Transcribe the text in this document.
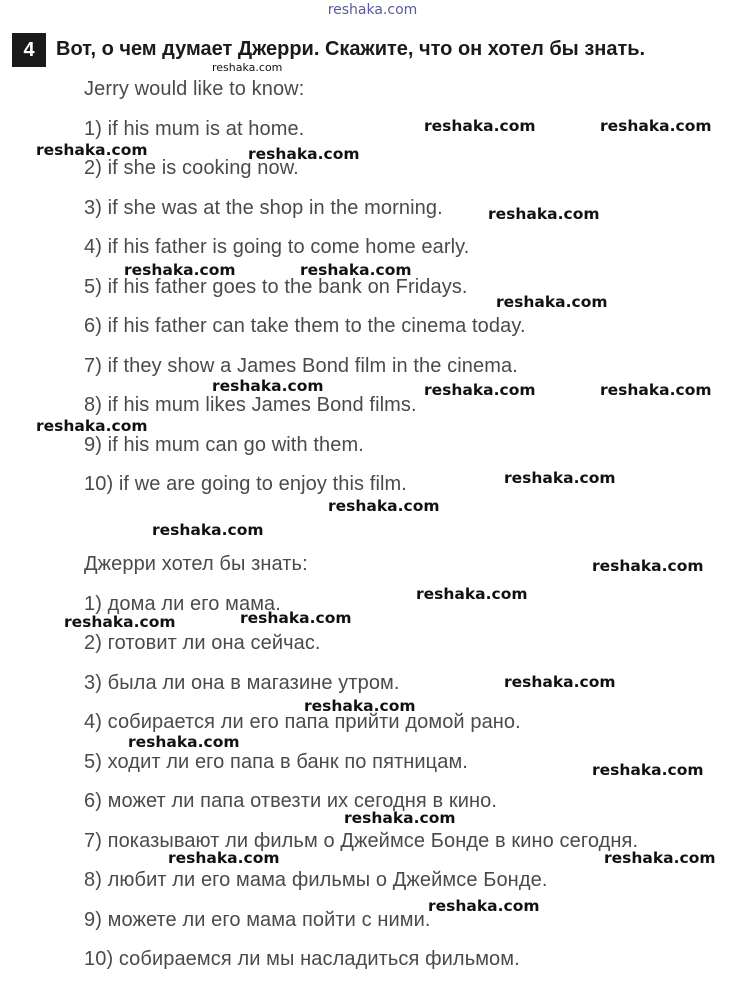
reshaka.com
4	Вот, о чем думает Джерри. Скажите, что он хотел бы знать.
Jerry would like to know:
1) if his mum is at home.
2) if she is cooking now.
3) if she was at the shop in the morning.
4) if his father is going to come home early.
5) if his father goes to the bank on Fridays.
6) if his father can take them to the cinema today.
7) if they show a James Bond film in the cinema.
8) if his mum likes James Bond films.
9) if his mum can go with them.
10) if we are going to enjoy this film.
Джерри хотел бы знать:
1) дома ли его мама.
2) готовит ли она сейчас.
3) была ли она в магазине утром.
4) собирается ли его папа прийти домой рано.
5) ходит ли его папа в банк по пятницам.
6) может ли папа отвезти их сегодня в кино.
7) показывают ли фильм о Джеймсе Бонде в кино сегодня.
8) любит ли его мама фильмы о Джеймсе Бонде.
9) можете ли его мама пойти с ними.
10) собираемся ли мы насладиться фильмом.
reshaka.com
reshaka.com	reshaka.com
reshaka.com	reshaka.com
reshaka.com
reshaka.com	reshaka.com
reshaka.com
reshaka.com	reshaka.com	reshaka.com
reshaka.com
reshaka.com
reshaka.com
reshaka.com
reshaka.com
reshaka.com
reshaka.com
reshaka.com
reshaka.com
reshaka.com
reshaka.com
reshaka.com
reshaka.com
reshaka.com	reshaka.com
reshaka.com
